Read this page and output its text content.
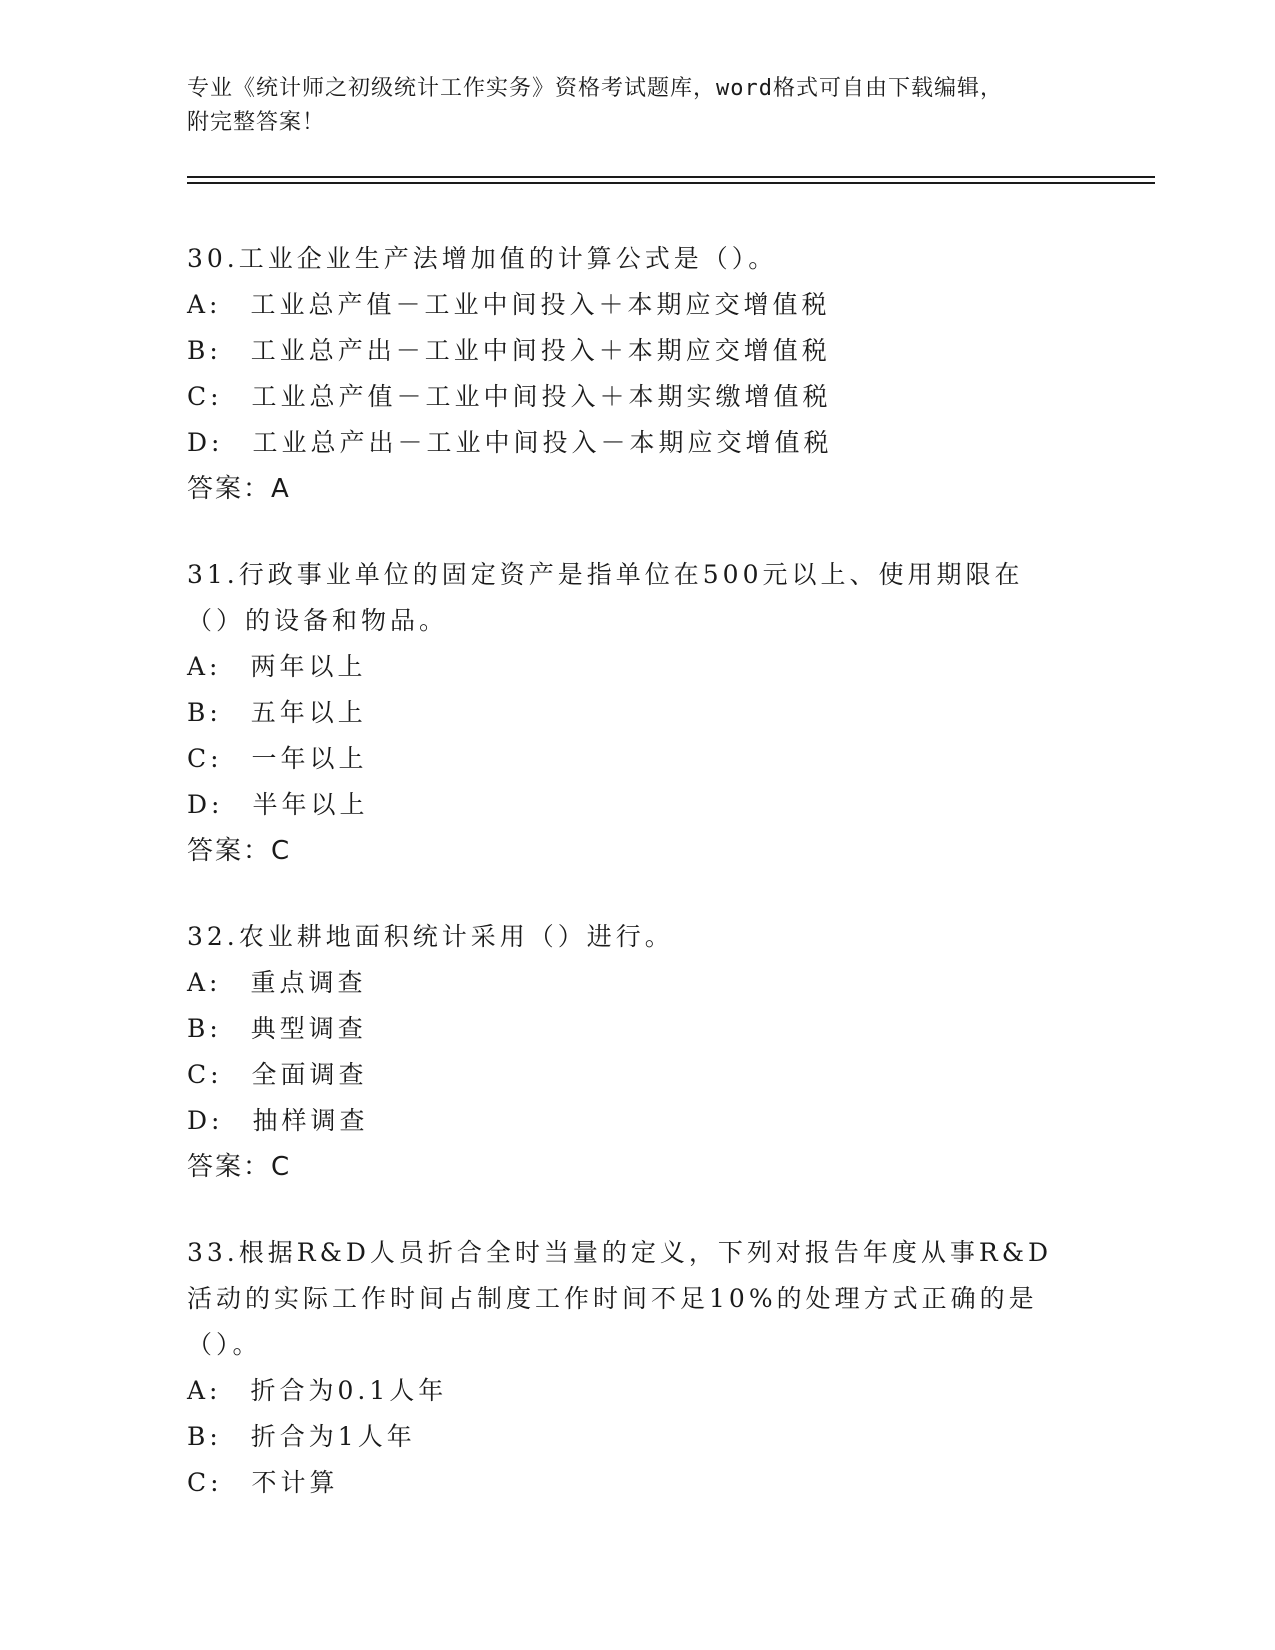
专业《统计师之初级统计工作实务》资格考试题库，word格式可自由下载编辑，
附完整答案！
30.工业企业生产法增加值的计算公式是（）。
A:　工业总产值－工业中间投入＋本期应交增值税
B:　工业总产出－工业中间投入＋本期应交增值税
C:　工业总产值－工业中间投入＋本期实缴增值税
D:　工业总产出－工业中间投入－本期应交增值税
答案：A
31.行政事业单位的固定资产是指单位在500元以上、使用期限在（）的设备和物品。
A:　两年以上
B:　五年以上
C:　一年以上
D:　半年以上
答案：C
32.农业耕地面积统计采用（）进行。
A:　重点调查
B:　典型调查
C:　全面调查
D:　抽样调查
答案：C
33.根据R&D人员折合全时当量的定义，下列对报告年度从事R&D活动的实际工作时间占制度工作时间不足10%的处理方式正确的是（）。
A:　折合为0.1人年
B:　折合为1人年
C:　不计算
